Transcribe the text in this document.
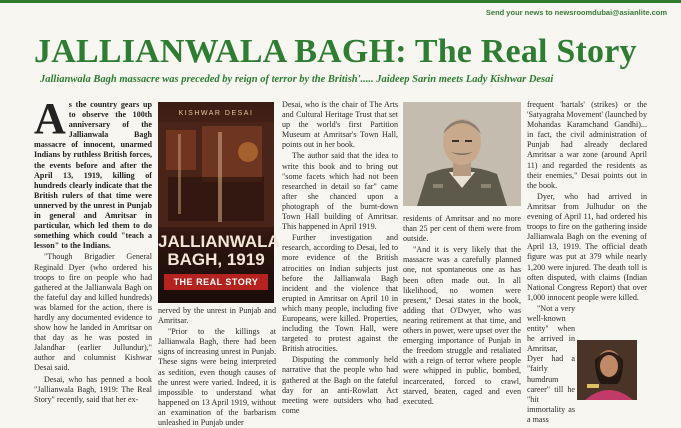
Send your news to newsroomdubai@asianlite.com
JALLIANWALA BAGH: The Real Story
Jallianwala Bagh massacre was preceded by reign of terror by the British'..... Jaideep Sarin meets Lady Kishwar Desai

A s the country gears up to observe the 100th anniversary of the Jallianwala Bagh massacre of innocent, unarmed Indians by ruthless British forces, the events before and after the April 13, 1919, killing of hundreds clearly indicate that the British rulers of that time were unnerved by the unrest in Punjab in general and Amritsar in particular, which led them to do something which could "teach a lesson" to the Indians.

"Though Brigadier General Reginald Dyer (who ordered his troops to fire on people who had gathered at the Jallianwala Bagh on the fateful day and killed hundreds) was blamed for the action, there is hardly any documented evidence to show how he landed in Amritsar on that day as he was posted in Jalandhar (earlier Jullundur)," author and columnist Kishwar Desai said.

Desai, who has penned a book "Jallianwala Bagh, 1919: The Real Story" recently, said that her ex-

KISHWAR DESAI
JALLIANWALA
BAGH, 1919
THE REAL STORY

nerved by the unrest in Punjab and Amritsar.

"Prior to the killings at Jallianwala Bagh, there had been signs of increasing unrest in Punjab. These signs were being interpreted as sedition, even though causes of the unrest were varied. Indeed, it is impossible to understand what happened on 13 April 1919, without an examination of the barbarism unleashed in Punjab under

Desai, who is the chair of The Arts and Cultural Heritage Trust that set up the world's first Partition Museum at Amritsar's Town Hall, points out in her book.

The author said that the idea to write this book and to bring out "some facets which had not been researched in detail so far" came after she chanced upon a photograph of the burnt-down Town Hall building of Amritsar. This happened in April 1919.

Further investigation and research, according to Desai, led to more evidence of the British atrocities on Indian subjects just before the Jallianwala Bagh incident and the violence that erupted in Amritsar on April 10 in which many people, including five Europeans, were killed. Properties, including the Town Hall, were targeted to protest against the British atrocities.

Disputing the commonly held narrative that the people who had gathered at the Bagh on the fateful day for an anti-Rowlatt Act meeting were outsiders who had come

residents of Amritsar and no more than 25 per cent of them were from outside.

"And it is very likely that the massacre was a carefully planned one, not spontaneous one as has been often made out. In all likelihood, no women were present," Desai states in the book, adding that O'Dwyer, who was nearing retirement at that time, and others in power, were upset over the emerging importance of Punjab in the freedom struggle and retaliated with a reign of terror where people were whipped in public, bombed, incarcerated, forced to crawl, starved, beaten, caged and even executed.

frequent 'hartals' (strikes) or the 'Satyagraha Movement' (launched by Mohandas Karamchand Gandhi)... in fact, the civil administration of Punjab had already declared Amritsar a war zone (around April 11) and regarded the residents as their enemies," Desai points out in the book.

Dyer, who had arrived in Amritsar from Julhudur on the evening of April 11, had ordered his troops to fire on the gathering inside Jallianwala Bagh on the evening of April 13, 1919. The official death figure was put at 379 while nearly 1,200 were injured. The death toll is often disputed, with claims (Indian National Congress Report) that over 1,000 innocent people were killed.

"Not a very well-known entity" when he arrived in Amritsar, Dyer had a "fairly humdrum career" till he "hit immortality as a mass
